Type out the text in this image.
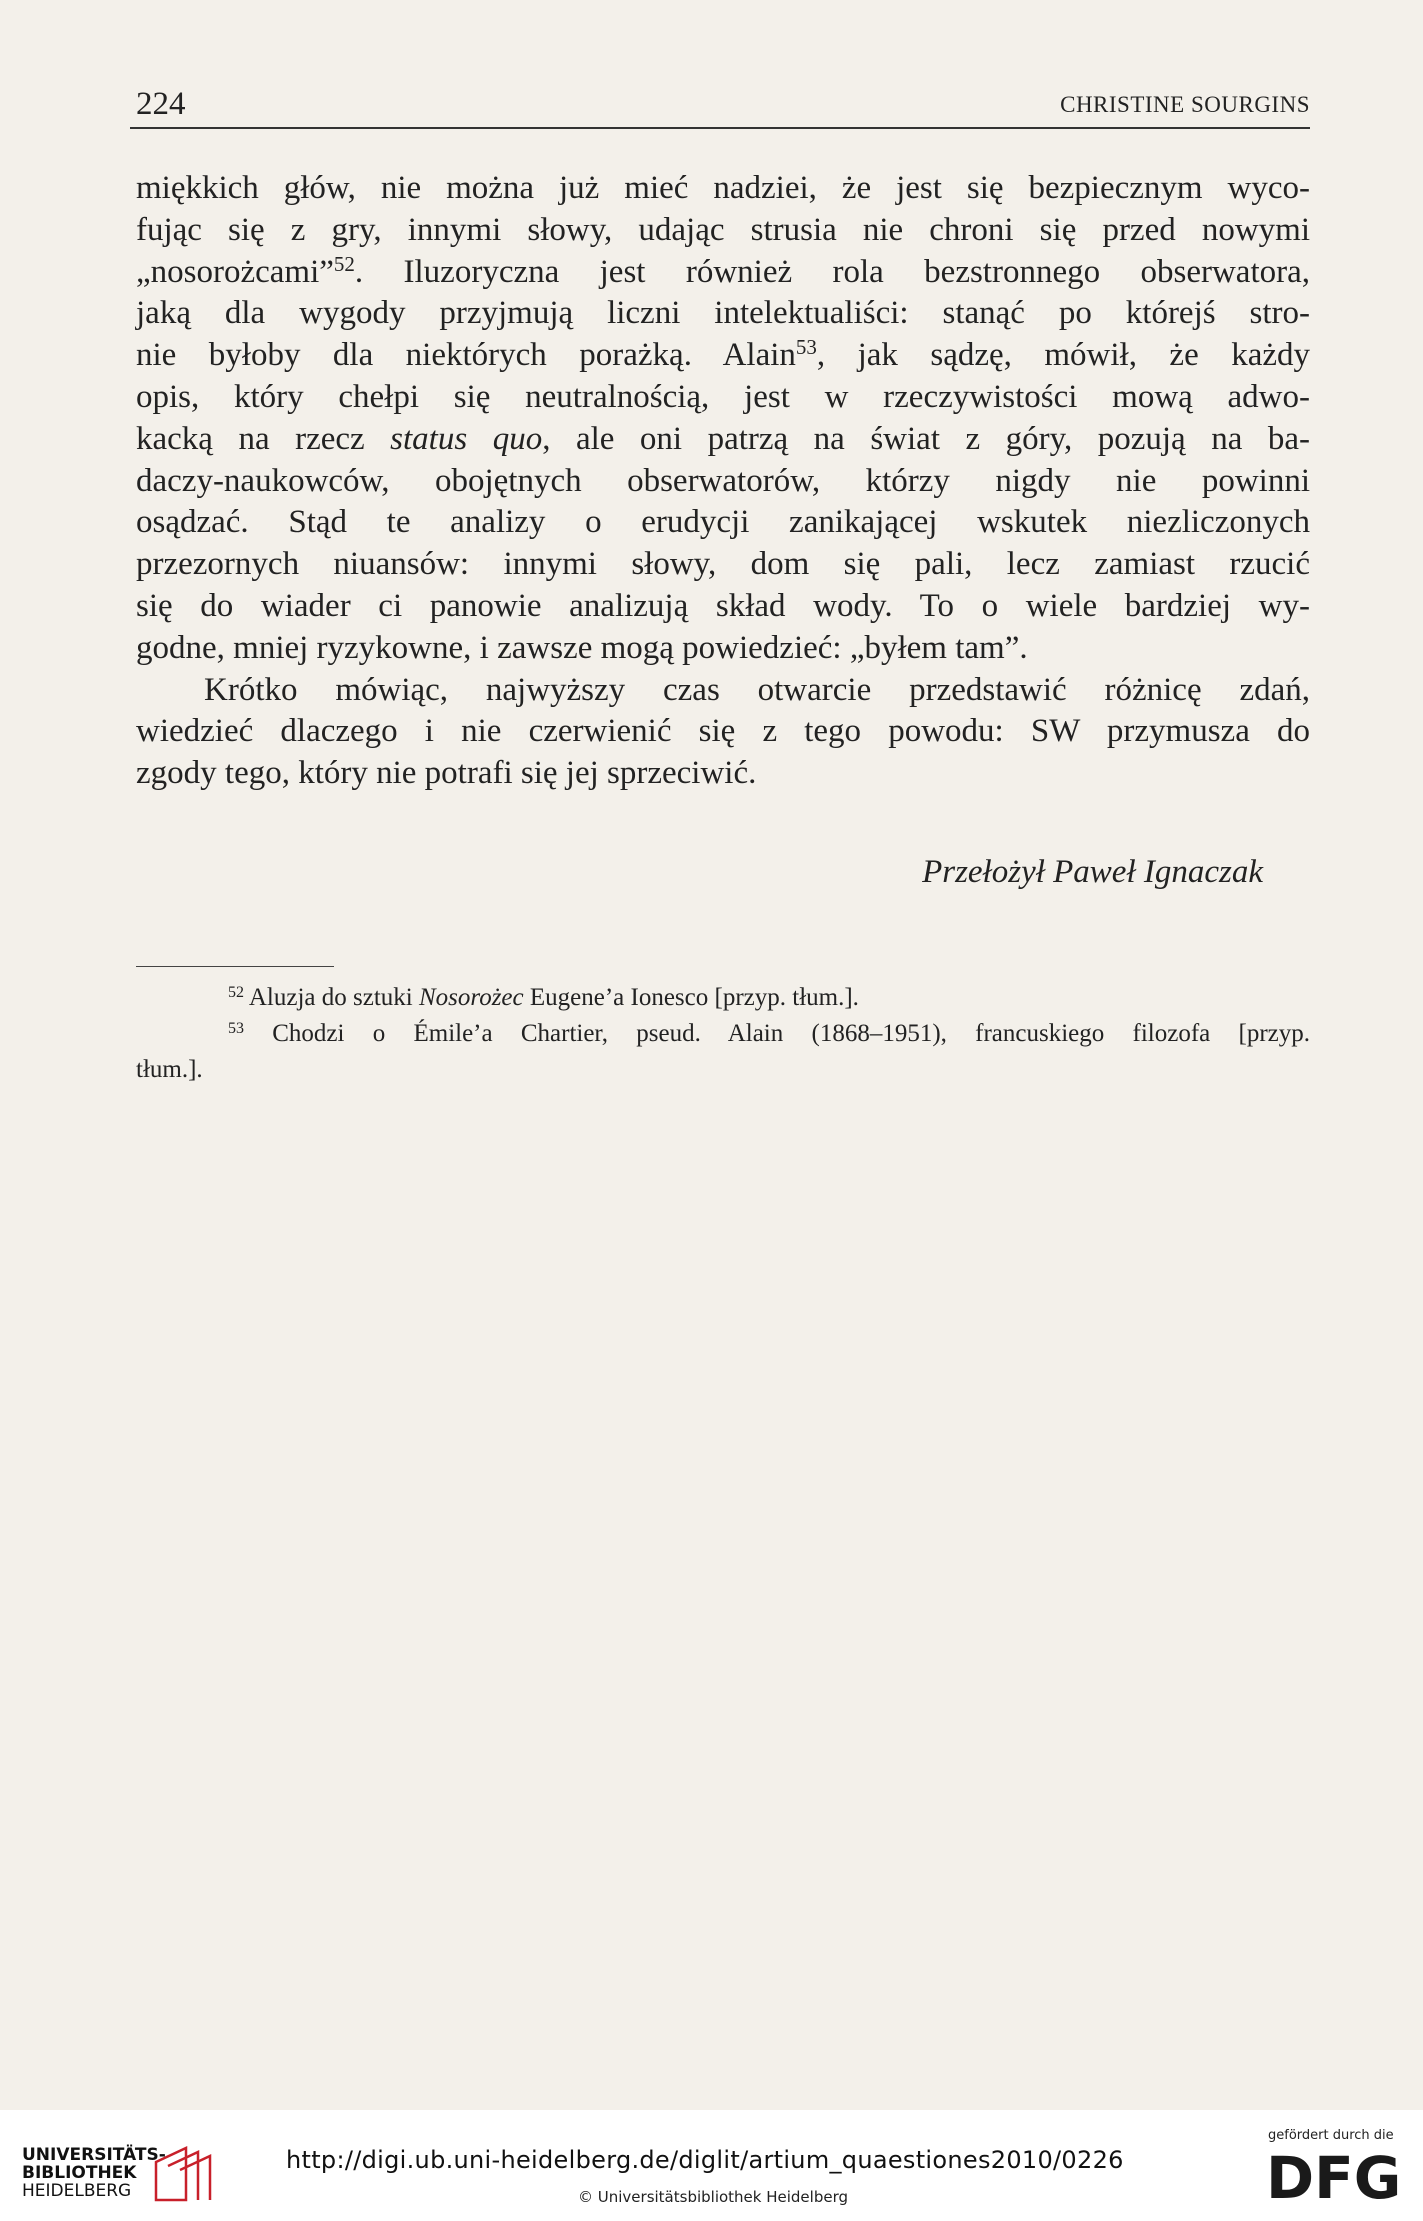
224	CHRISTINE SOURGINS
miękkich głów, nie można już mieć nadziei, że jest się bezpiecznym wyco-
fując się z gry, innymi słowy, udając strusia nie chroni się przed nowymi
„nosorożcami”$^{52}$. Iluzoryczna jest również rola bezstronnego obserwatora,
jaką dla wygody przyjmują liczni intelektualiści: stanąć po którejś stro-
nie byłoby dla niektórych porażką. Alain$^{53}$, jak sądzę, mówił, że każdy
opis, który chełpi się neutralnością, jest w rzeczywistości mową adwo-
kacką na rzecz status quo, ale oni patrzą na świat z góry, pozują na ba-
daczy-naukowców, obojętnych obserwatorów, którzy nigdy nie powinni
osądzać. Stąd te analizy o erudycji zanikającej wskutek niezliczonych
przezornych niuansów: innymi słowy, dom się pali, lecz zamiast rzucić
się do wiader ci panowie analizują skład wody. To o wiele bardziej wy-
godne, mniej ryzykowne, i zawsze mogą powiedzieć: „byłem tam”.
Krótko mówiąc, najwyższy czas otwarcie przedstawić różnicę zdań,
wiedzieć dlaczego i nie czerwienić się z tego powodu: SW przymusza do
zgody tego, który nie potrafi się jej sprzeciwić.
Przełożył Paweł Ignaczak
$^{52}$ Aluzja do sztuki Nosorożec Eugene’a Ionesco [przyp. tłum.].
$^{53}$ Chodzi o Émile’a Chartier, pseud. Alain (1868–1951), francuskiego filozofa [przyp.
tłum.].
UNIVERSITÄTS-
BIBLIOTHEK
HEIDELBERG
http://digi.ub.uni-heidelberg.de/diglit/artium_quaestiones2010/0226
© Universitätsbibliothek Heidelberg
gefördert durch die
DFG
